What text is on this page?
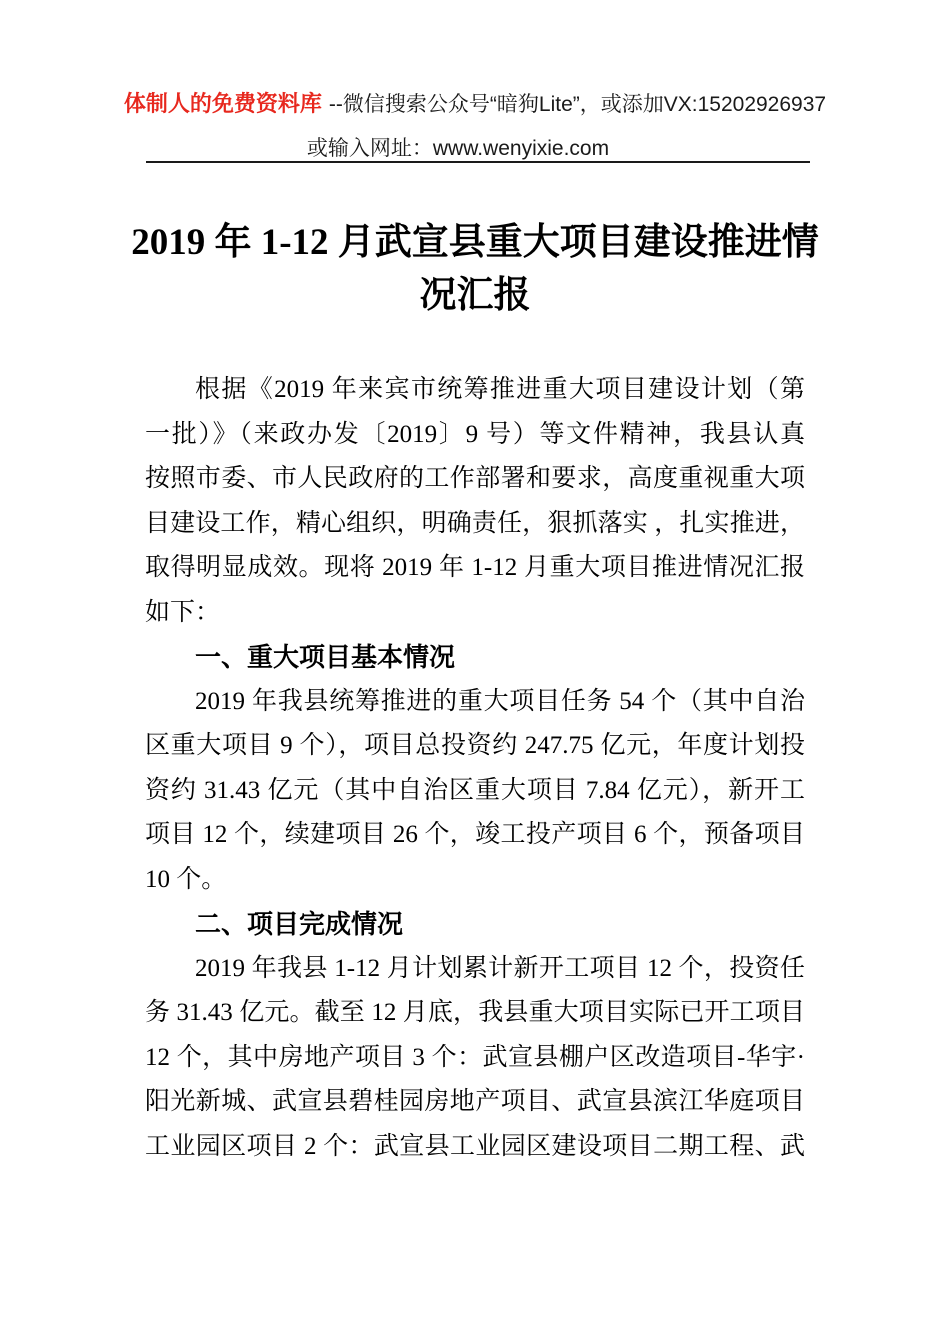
体制人的免费资料库 --微信搜索公众号“暗狗Lite”，或添加VX:15202926937
或输入网址：www.wenyixie.com
2019 年 1-12 月武宣县重大项目建设推进情
况汇报
根据《2019 年来宾市统筹推进重大项目建设计划（第
一批）》（来政办发〔2019〕9 号）等文件精神，我县认真
按照市委、市人民政府的工作部署和要求，高度重视重大项
目建设工作，精心组织，明确责任，狠抓落实 ，扎实推进，
取得明显成效。现将 2019 年 1-12 月重大项目推进情况汇报
如下：
一、重大项目基本情况
2019 年我县统筹推进的重大项目任务 54 个（其中自治
区重大项目 9 个），项目总投资约 247.75 亿元，年度计划投
资约 31.43 亿元（其中自治区重大项目 7.84 亿元），新开工
项目 12 个，续建项目 26 个，竣工投产项目 6 个，预备项目
10 个。
二、项目完成情况
2019 年我县 1-12 月计划累计新开工项目 12 个，投资任
务 31.43 亿元。截至 12 月底，我县重大项目实际已开工项目
12 个，其中房地产项目 3 个：武宣县棚户区改造项目-华宇·
阳光新城、武宣县碧桂园房地产项目、武宣县滨江华庭项目
工业园区项目 2 个：武宣县工业园区建设项目二期工程、武
